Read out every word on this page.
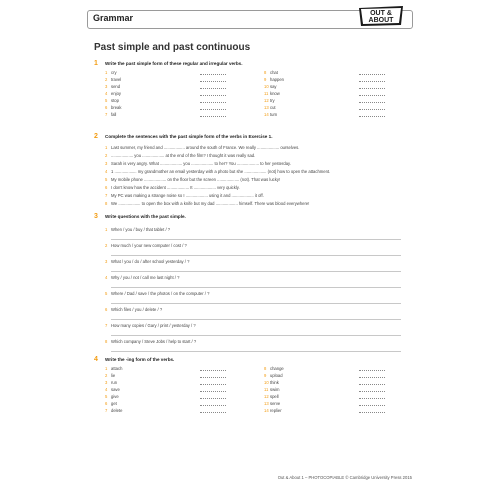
Grammar	OUT &
ABOUT
Past simple and past continuous
1 Write the past simple form of these regular and irregular verbs.
1 cry
2 travel
3 send
4 enjoy
5 stop
6 break
7 fall
8 chat
9 happen
10 say
11 know
12 try
13 cut
14 turn
2 Complete the sentences with the past simple form of the verbs in Exercise 1.
1 Last summer, my friend and .................. around the south of France. We really ................... ourselves.
2 ................... you ................... at the end of the film? I thought it was really sad.
3 Sarah is very angry. What ................... you ................... to her? You ................... to her yesterday.
4 1 ................... my grandmother an email yesterday with a photo but she ................... (not) how to open the attachment.
5 My mobile phone ................... on the floor but the screen ................... (not). That was lucky!
6 I don't know how the accident ................... It ................... very quickly.
7 My PC was making a strange noise so I ................... using it and ................... it off.
8 We ................... to open the box with a knife but my dad ................... himself. There was blood everywhere!
3 Write questions with the past simple.
1 When / you / buy / that tablet / ?
2 How much / your new computer / cost / ?
3 What / you / do / after school yesterday / ?
4 Why / you / not / call me last night / ?
5 Where / Dad / save / the photos / on the computer / ?
6 Which files / you / delete / ?
7 How many copies / Gary / print / yesterday / ?
8 Which company / Steve Jobs / help to start / ?
4 Write the -ing form of the verbs.
1 attach
2 lie
3 run
4 save
5 give
6 get
7 delete
8 change
9 upload
10 think
11 swim
12 spell
13 serve
14 replier
Out & About 1 – PHOTOCOPIABLE © Cambridge University Press 2015
